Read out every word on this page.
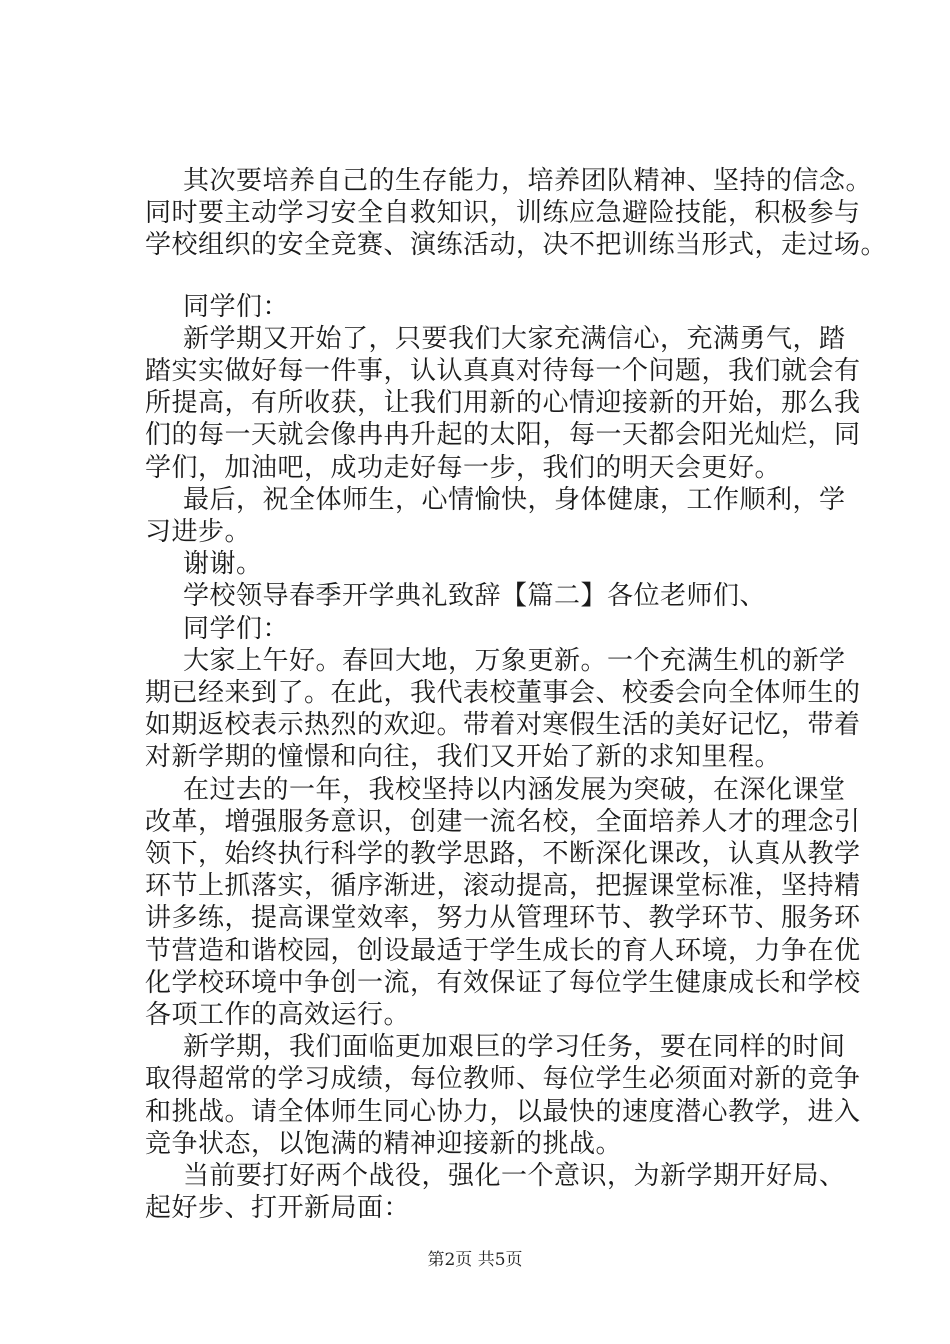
其次要培养自己的生存能力，培养团队精神、坚持的信念。
同时要主动学习安全自救知识，训练应急避险技能，积极参与
学校组织的安全竞赛、演练活动，决不把训练当形式，走过场。
同学们：
新学期又开始了，只要我们大家充满信心，充满勇气，踏
踏实实做好每一件事，认认真真对待每一个问题，我们就会有
所提高，有所收获，让我们用新的心情迎接新的开始，那么我
们的每一天就会像冉冉升起的太阳，每一天都会阳光灿烂，同
学们，加油吧，成功走好每一步，我们的明天会更好。
最后，祝全体师生，心情愉快，身体健康，工作顺利，学
习进步。
谢谢。
学校领导春季开学典礼致辞【篇二】各位老师们、
同学们：
大家上午好。春回大地，万象更新。一个充满生机的新学
期已经来到了。在此，我代表校董事会、校委会向全体师生的
如期返校表示热烈的欢迎。带着对寒假生活的美好记忆，带着
对新学期的憧憬和向往，我们又开始了新的求知里程。
在过去的一年，我校坚持以内涵发展为突破，在深化课堂
改革，增强服务意识，创建一流名校，全面培养人才的理念引
领下，始终执行科学的教学思路，不断深化课改，认真从教学
环节上抓落实，循序渐进，滚动提高，把握课堂标准，坚持精
讲多练，提高课堂效率，努力从管理环节、教学环节、服务环
节营造和谐校园，创设最适于学生成长的育人环境，力争在优
化学校环境中争创一流，有效保证了每位学生健康成长和学校
各项工作的高效运行。
新学期，我们面临更加艰巨的学习任务，要在同样的时间
取得超常的学习成绩，每位教师、每位学生必须面对新的竞争
和挑战。请全体师生同心协力，以最快的速度潜心教学，进入
竞争状态，以饱满的精神迎接新的挑战。
当前要打好两个战役，强化一个意识，为新学期开好局、
起好步、打开新局面：
第2页 共5页
